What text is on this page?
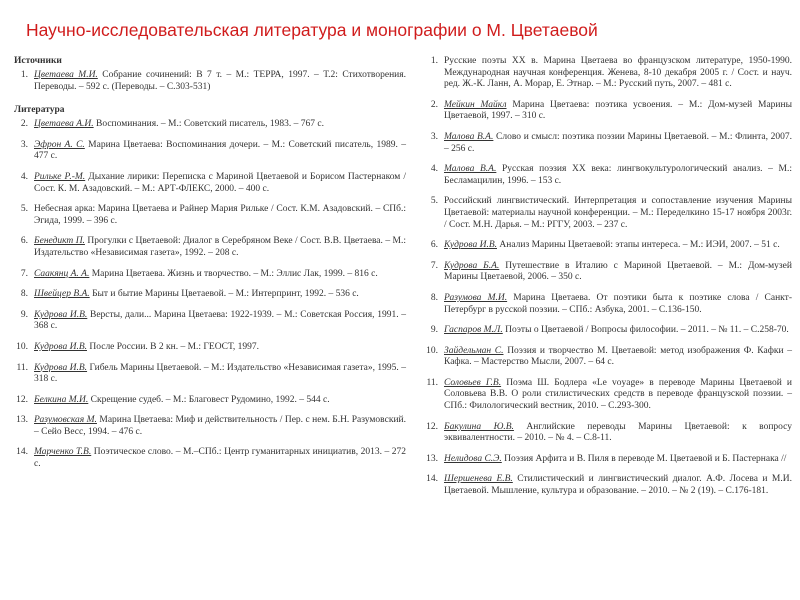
Научно-исследовательская литература и монографии о М. Цветаевой
Источники
1. Цветаева М.И. Собрание сочинений: В 7 т. – М.: ТЕРРА, 1997. – Т.2: Стихотворения. Переводы. – 592 с. (Переводы. – С.303-531)
Литература
2. Цветаева А.И. Воспоминания. – М.: Советский писатель, 1983. – 767 с.
3. Эфрон А. С. Марина Цветаева: Воспоминания дочери. – М.: Советский писатель, 1989. – 477 с.
4. Рильке Р.-М. Дыхание лирики: Переписка с Мариной Цветаевой и Борисом Пастернаком / Сост. К. М. Азадовский. – М.: АРТ-ФЛЕКС, 2000. – 400 с.
5. Небесная арка: Марина Цветаева и Райнер Мария Рильке / Сост. К.М. Азадовский. – СПб.: Эгида, 1999. – 396 с.
6. Бенедикт П. Прогулки с Цветаевой: Диалог в Серебряном Веке / Сост. В.В. Цветаева. – М.: Издательство «Независимая газета», 1992. – 208 с.
7. Саакянц А. А. Марина Цветаева. Жизнь и творчество. – М.: Эллис Лак, 1999. – 816 с.
8. Швейцер В.А. Быт и бытие Марины Цветаевой. – М.: Интерпринт, 1992. – 536 с.
9. Кудрова И.В. Версты, дали... Марина Цветаева: 1922-1939. – М.: Советская Россия, 1991. – 368 с.
10. Кудрова И.В. После России. В 2 кн. – М.: ГЕОСТ, 1997.
11. Кудрова И.В. Гибель Марины Цветаевой. – М.: Издательство «Независимая газета», 1995. – 318 с.
12. Белкина М.И. Скрещение судеб. – М.: Благовест Рудомино, 1992. – 544 с.
13. Разумовская М. Марина Цветаева: Миф и действительность / Пер. с нем. Б.Н. Разумовский. – Сейо Весс, 1994. – 476 с.
14. Марченко Т.В. Поэтическое слово. – М.–СПб.: Центр гуманитарных инициатив, 2013. – 272 с.
1. Русские поэты XX в. Марина Цветаева во французском литературе, 1950-1990. Международная научная конференция. Женева, 8-10 декабря 2005 г. / Сост. и науч. ред. Ж.-К. Ланн, А. Морар, Е. Этнар. – М.: Русский путь, 2007. – 481 с.
2. Мейкин Майкл Марина Цветаева: поэтика усвоения. – М.: Дом-музей Марины Цветаевой, 1997. – 310 с.
3. Малова В.А. Слово и смысл: поэтика поэзии Марины Цветаевой. – М.: Флинта, 2007. – 256 с.
4. Малова В.А. Русская поэзия XX века: лингвокультурологический анализ. – М.: Бесламацилин, 1996. – 153 с.
5. Российский лингвистический. Интерпретация и сопоставление изучения Марины Цветаевой: материалы научной конференции. – М.: Переделкино 15-17 ноября 2003г. / Сост. М.Н. Дарья. – М.: РГГУ, 2003. – 237 с.
6. Кудрова И.В. Анализ Марины Цветаевой: этапы интереса. – М.: ИЭИ, 2007. – 51 с.
7. Кудрова Б.А. Путешествие в Италию с Мариной Цветаевой. – М.: Дом-музей Марины Цветаевой, 2006. – 350 с.
8. Разумова М.И. Марина Цветаева. От поэтики быта к поэтике слова / Санкт-Петербург в русской поэзии. – СПб.: Азбука, 2001. – С.136-150.
9. Гаспаров М.Л. Поэты о Цветаевой / Вопросы философии. – 2011. – № 11. – С.258-70.
10. Зайдельман С. Поэзия и творчество М. Цветаевой: метод изображения Ф. Кафки – Кафка. – Мастерство Мысли, 2007. – 64 с.
11. Соловьев Г.В. Поэма Ш. Бодлера «Le voyage» в переводе Марины Цветаевой и Соловьева В.В. О роли стилистических средств в переводе французской поэзии. – СПб.: Филологический вестник, 2010. – С.293-300.
12. Бакулина Ю.В. Английские переводы Марины Цветаевой: к вопросу эквивалентности. – 2010. – № 4. – С.8-11.
13. Нелидова С.Э. Поэзия Арфита и В. Пиля в переводе М. Цветаевой и Б. Пастернака //
14. Шершенева Е.В. Стилистический и лингвистический диалог. А.Ф. Лосева и М.И. Цветаевой. Мышление, культура и образование. – 2010. – № 2 (19). – С.176-181.
